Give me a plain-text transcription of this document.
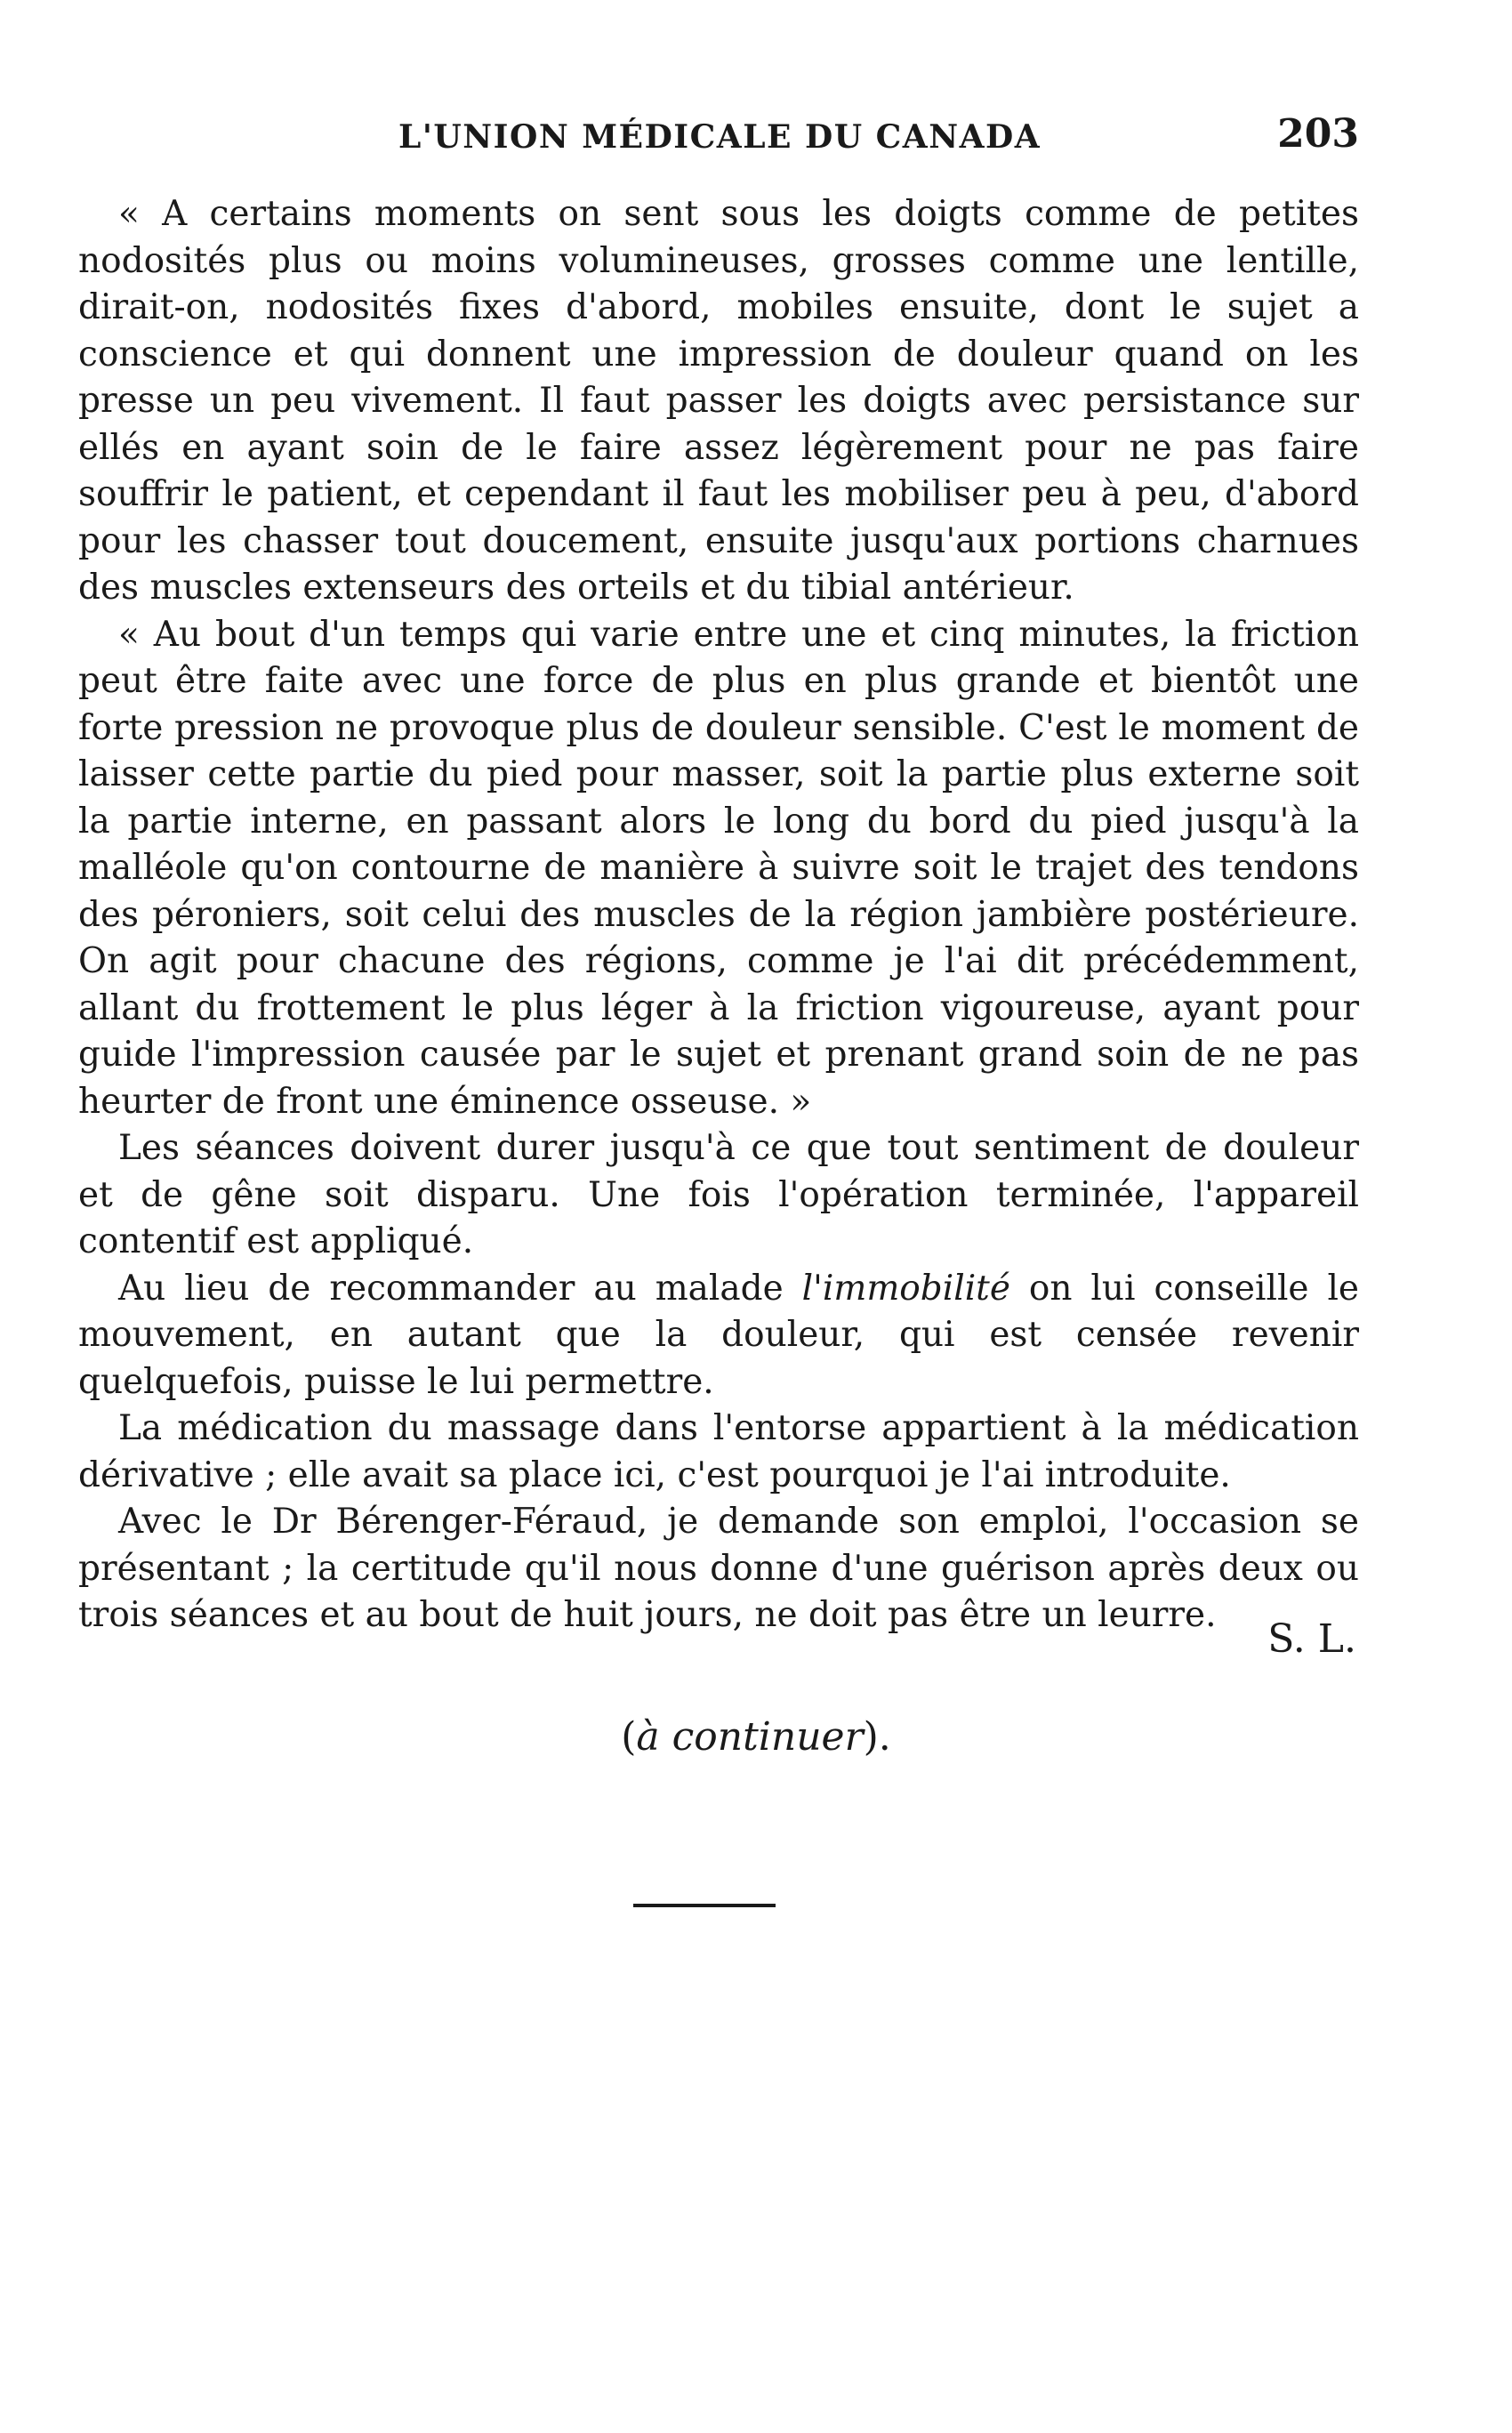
L'UNION MÉDICALE DU CANADA	203

« A certains moments on sent sous les doigts comme de petites nodosités plus ou moins volumineuses, grosses comme une lentille, dirait-on, nodosités fixes d'abord, mobiles ensuite, dont le sujet a conscience et qui donnent une impression de douleur quand on les presse un peu vivement. Il faut passer les doigts avec persistance sur ellés en ayant soin de le faire assez légèrement pour ne pas faire souffrir le patient, et cependant il faut les mobiliser peu à peu, d'abord pour les chasser tout doucement, ensuite jusqu'aux portions charnues des muscles extenseurs des orteils et du tibial antérieur.

« Au bout d'un temps qui varie entre une et cinq minutes, la friction peut être faite avec une force de plus en plus grande et bientôt une forte pression ne provoque plus de douleur sensible. C'est le moment de laisser cette partie du pied pour masser, soit la partie plus externe soit la partie interne, en passant alors le long du bord du pied jusqu'à la malléole qu'on contourne de manière à suivre soit le trajet des tendons des péroniers, soit celui des muscles de la région jambière postérieure. On agit pour chacune des régions, comme je l'ai dit précédemment, allant du frottement le plus léger à la friction vigoureuse, ayant pour guide l'impression causée par le sujet et prenant grand soin de ne pas heurter de front une éminence osseuse. »

Les séances doivent durer jusqu'à ce que tout sentiment de douleur et de gêne soit disparu. Une fois l'opération terminée, l'appareil contentif est appliqué.

Au lieu de recommander au malade l'immobilité on lui conseille le mouvement, en autant que la douleur, qui est censée revenir quelquefois, puisse le lui permettre.

La médication du massage dans l'entorse appartient à la médication dérivative ; elle avait sa place ici, c'est pourquoi je l'ai introduite.

Avec le Dr Bérenger-Féraud, je demande son emploi, l'occasion se présentant ; la certitude qu'il nous donne d'une guérison après deux ou trois séances et au bout de huit jours, ne doit pas être un leurre.

S. L.
(à continuer).
